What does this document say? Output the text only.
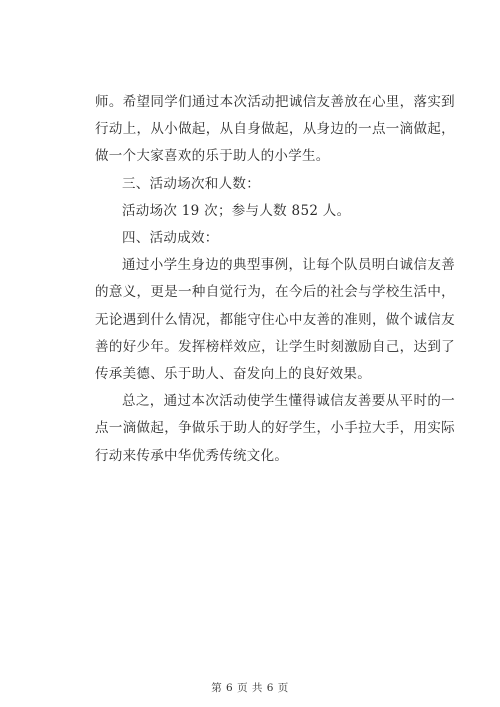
师。希望同学们通过本次活动把诚信友善放在心里，落实到行动上，从小做起，从自身做起，从身边的一点一滴做起，做一个大家喜欢的乐于助人的小学生。

三、活动场次和人数：

活动场次 19 次；参与人数 852 人。

四、活动成效：

通过小学生身边的典型事例，让每个队员明白诚信友善的意义，更是一种自觉行为，在今后的社会与学校生活中，无论遇到什么情况，都能守住心中友善的准则，做个诚信友善的好少年。发挥榜样效应，让学生时刻激励自己，达到了传承美德、乐于助人、奋发向上的良好效果。

总之，通过本次活动使学生懂得诚信友善要从平时的一点一滴做起，争做乐于助人的好学生，小手拉大手，用实际行动来传承中华优秀传统文化。

第 6 页 共 6 页
